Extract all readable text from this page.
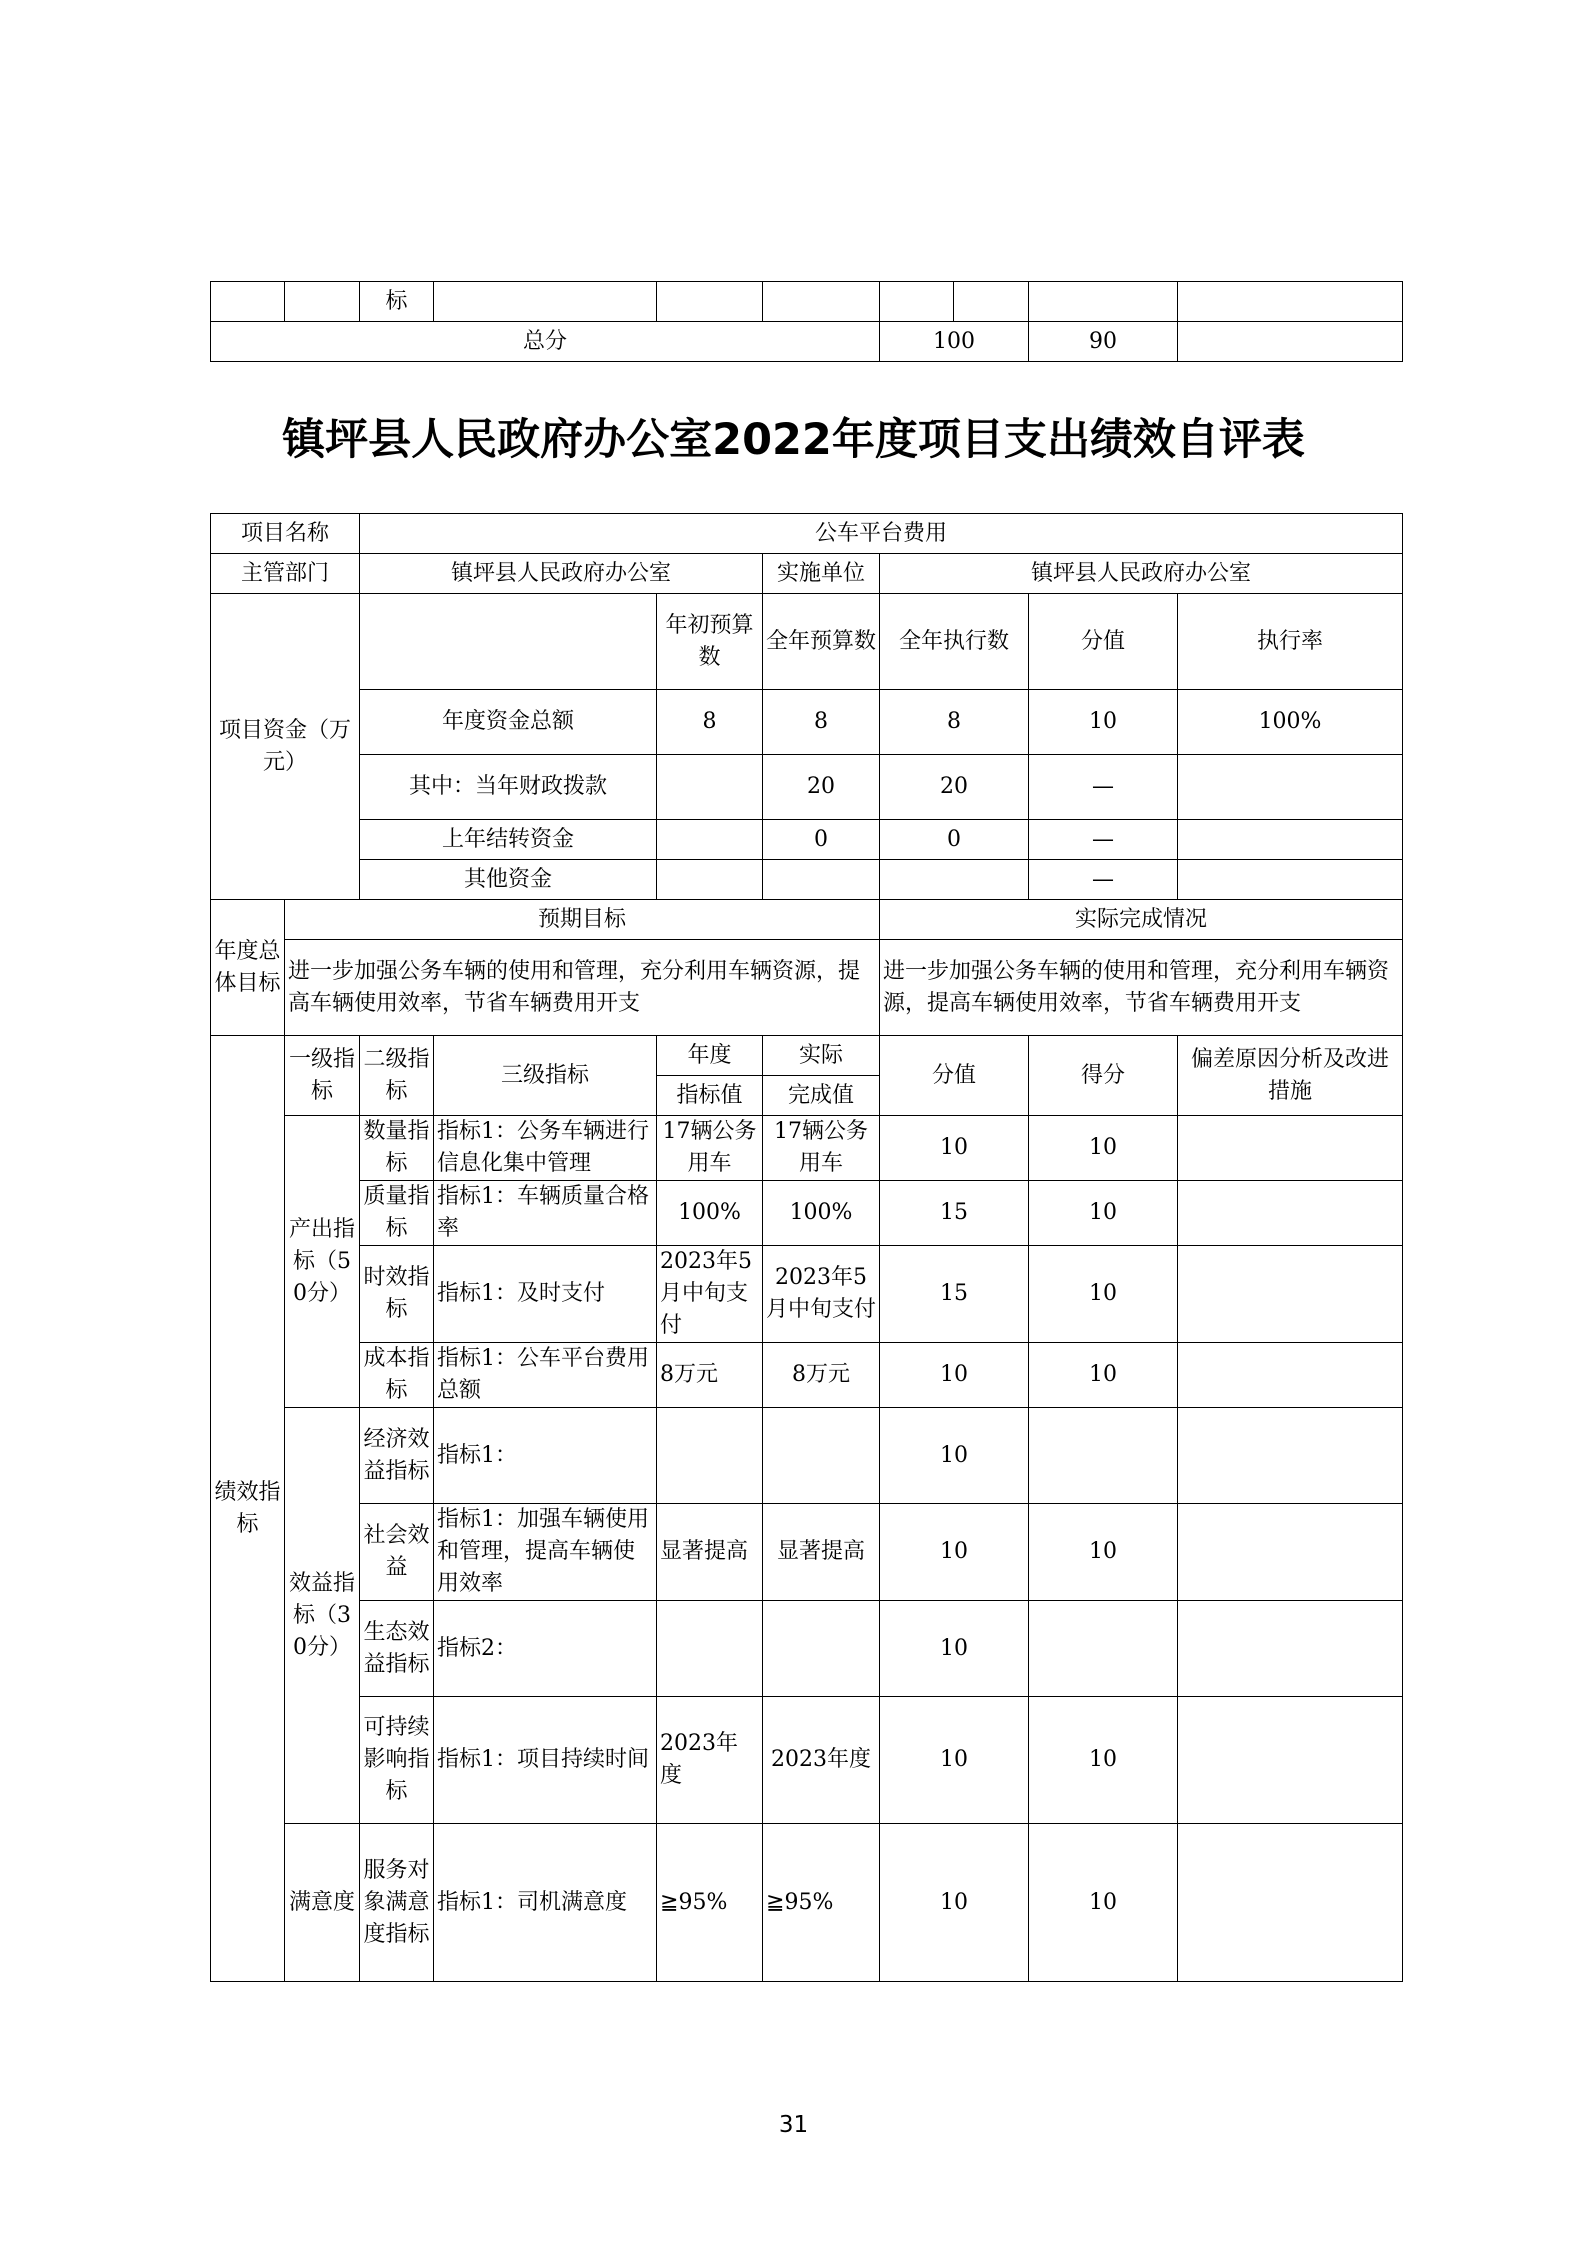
		标							
总分						100		90	
镇坪县人民政府办公室2022年度项目支出绩效自评表
项目名称		公车平台费用							
主管部门		镇坪县人民政府办公室			实施单位	镇坪县人民政府办公室			
项目资金（万元）				年初预算数	全年预算数	全年执行数	分值	执行率	
		年度资金总额		8	8	8	10	100%	
		其中：当年财政拨款			20	20	—		
		上年结转资金			0	0	—		
		其他资金					—		
年度总体目标	预期目标					实际完成情况			
	进一步加强公务车辆的使用和管理，充分利用车辆资源，提高车辆使用效率，节省车辆费用开支					进一步加强公务车辆的使用和管理，充分利用车辆资源，提高车辆使用效率，节省车辆费用开支			
绩效指标	一级指标	二级指标	三级指标	年度	实际	分值	得分	偏差原因分析及改进措施	
				指标值	完成值				
	产出指标（50分）	数量指标	指标1：公务车辆进行信息化集中管理	17辆公务用车	17辆公务用车	10	10		
		质量指标	指标1：车辆质量合格率	100%	100%	15	10		
		时效指标	指标1：及时支付	2023年5月中旬支付	2023年5月中旬支付	15	10		
		成本指标	指标1：公车平台费用总额	8万元	8万元	10	10		
	效益指标（30分）	经济效益指标	指标1：			10			
		社会效益	指标1：加强车辆使用和管理，提高车辆使用效率	显著提高	显著提高	10	10		
		生态效益指标	指标2：			10			
		可持续影响指标	指标1：项目持续时间	2023年度	2023年度	10	10		
	满意度	服务对象满意度指标	指标1：司机满意度	≧95%	≧95%	10	10		
31
